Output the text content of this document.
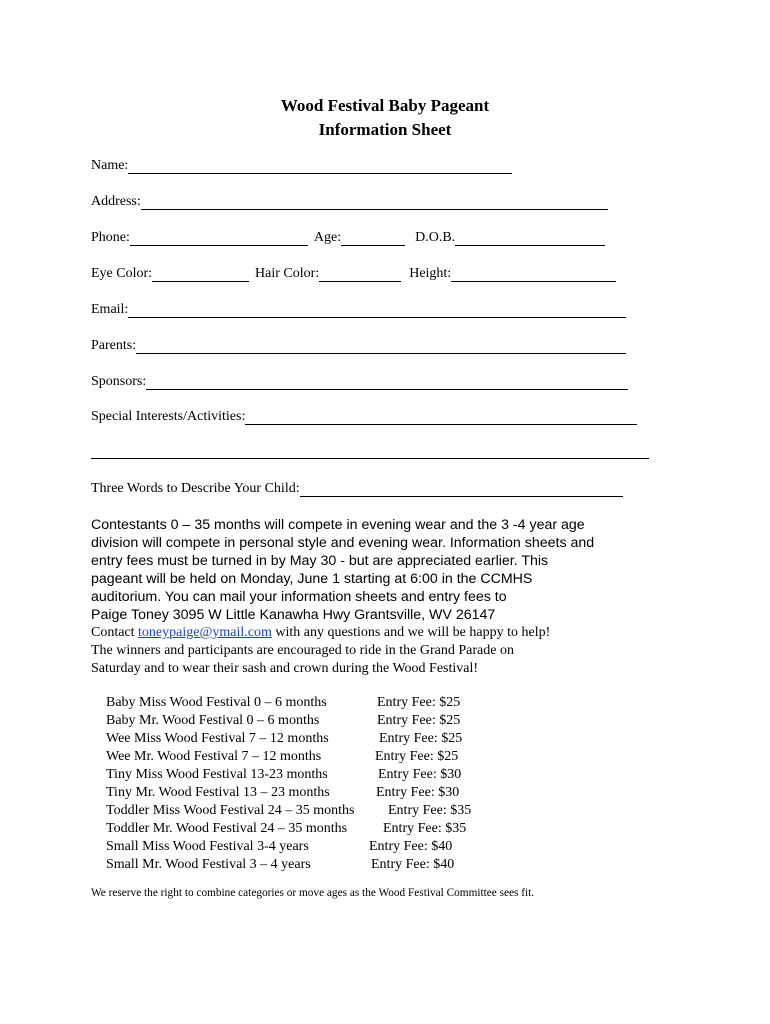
Wood Festival Baby Pageant
Information Sheet
Name:
Address:
Phone:	Age:	D.O.B.
Eye Color:	Hair Color:	Height:
Email:
Parents:
Sponsors:
Special Interests/Activities:
Three Words to Describe Your Child:
Contestants 0 – 35 months will compete in evening wear and the 3 -4 year age
division will compete in personal style and evening wear. Information sheets and
entry fees must be turned in by May 30 - but are appreciated earlier. This
pageant will be held on Monday, June 1 starting at 6:00 in the CCMHS
auditorium. You can mail your information sheets and entry fees to
Paige Toney 3095 W Little Kanawha Hwy Grantsville, WV 26147
Contact toneypaige@ymail.com with any questions and we will be happy to help!
The winners and participants are encouraged to ride in the Grand Parade on
Saturday and to wear their sash and crown during the Wood Festival!
Baby Miss Wood Festival 0 – 6 months	Entry Fee: $25
Baby Mr. Wood Festival 0 – 6 months	Entry Fee: $25
Wee Miss Wood Festival 7 – 12 months	Entry Fee: $25
Wee Mr. Wood Festival 7 – 12 months	Entry Fee: $25
Tiny Miss Wood Festival 13-23 months	Entry Fee: $30
Tiny Mr. Wood Festival 13 – 23 months	Entry Fee: $30
Toddler Miss Wood Festival 24 – 35 months Entry Fee: $35
Toddler Mr. Wood Festival 24 – 35 months	Entry Fee: $35
Small Miss Wood Festival 3-4 years	Entry Fee: $40
Small Mr. Wood Festival 3 – 4 years	Entry Fee: $40
We reserve the right to combine categories or move ages as the Wood Festival Committee sees fit.
